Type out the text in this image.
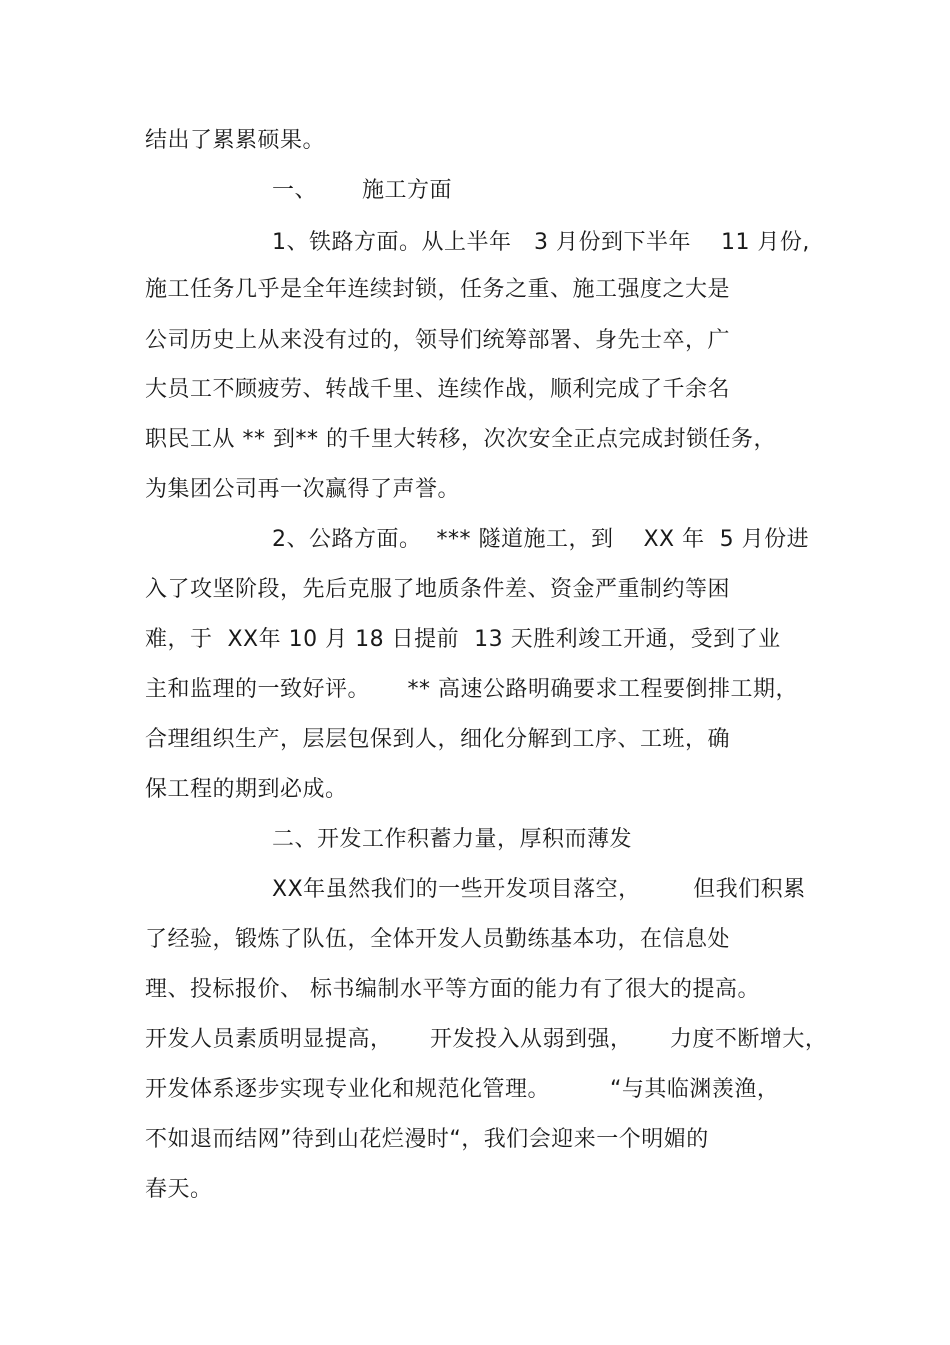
结出了累累硕果。
一、      施工方面
1、铁路方面。从上半年   3 月份到下半年    11 月份,
施工任务几乎是全年连续封锁，任务之重、施工强度之大是
公司历史上从来没有过的，领导们统筹部署、身先士卒，广
大员工不顾疲劳、转战千里、连续作战，顺利完成了千余名
职民工从 ** 到** 的千里大转移，次次安全正点完成封锁任务，
为集团公司再一次赢得了声誉。
2、公路方面。  *** 隧道施工，到    XX 年  5 月份进
入了攻坚阶段，先后克服了地质条件差、资金严重制约等困
难，于  XX年 10 月 18 日提前  13 天胜利竣工开通，受到了业
主和监理的一致好评。     ** 高速公路明确要求工程要倒排工期，
合理组织生产，层层包保到人，细化分解到工序、工班，确
保工程的期到必成。
二、开发工作积蓄力量，厚积而薄发
XX年虽然我们的一些开发项目落空，       但我们积累
了经验，锻炼了队伍，全体开发人员勤练基本功，在信息处
理、投标报价、 标书编制水平等方面的能力有了很大的提高。
开发人员素质明显提高，     开发投入从弱到强，     力度不断增大，
开发体系逐步实现专业化和规范化管理。        “与其临渊羡渔，
不如退而结网”待到山花烂漫时“，我们会迎来一个明媚的
春天。
